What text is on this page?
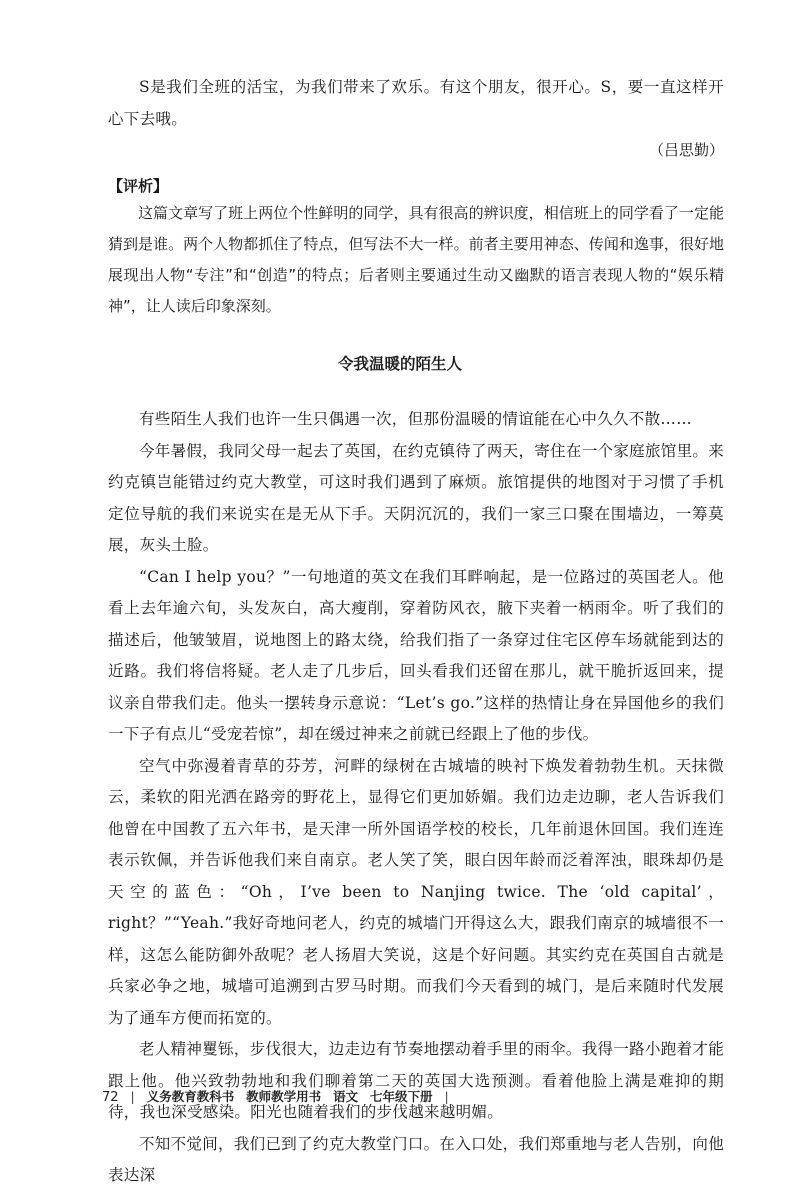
S是我们全班的活宝，为我们带来了欢乐。有这个朋友，很开心。S，要一直这样开心下去哦。

（吕思勤）
【评析】

这篇文章写了班上两位个性鲜明的同学，具有很高的辨识度，相信班上的同学看了一定能猜到是谁。两个人物都抓住了特点，但写法不大一样。前者主要用神态、传闻和逸事，很好地展现出人物“专注”和“创造”的特点；后者则主要通过生动又幽默的语言表现人物的“娱乐精神”，让人读后印象深刻。

令我温暖的陌生人

有些陌生人我们也许一生只偶遇一次，但那份温暖的情谊能在心中久久不散……

今年暑假，我同父母一起去了英国，在约克镇待了两天，寄住在一个家庭旅馆里。来约克镇岂能错过约克大教堂，可这时我们遇到了麻烦。旅馆提供的地图对于习惯了手机定位导航的我们来说实在是无从下手。天阴沉沉的，我们一家三口聚在围墙边，一筹莫展，灰头土脸。

“Can I help you？”一句地道的英文在我们耳畔响起，是一位路过的英国老人。他看上去年逾六旬，头发灰白，高大瘦削，穿着防风衣，腋下夹着一柄雨伞。听了我们的描述后，他皱皱眉，说地图上的路太绕，给我们指了一条穿过住宅区停车场就能到达的近路。我们将信将疑。老人走了几步后，回头看我们还留在那儿，就干脆折返回来，提议亲自带我们走。他头一摆转身示意说：“Let’s go.”这样的热情让身在异国他乡的我们一下子有点儿“受宠若惊”，却在缓过神来之前就已经跟上了他的步伐。

空气中弥漫着青草的芬芳，河畔的绿树在古城墙的映衬下焕发着勃勃生机。天抹微云，柔软的阳光洒在路旁的野花上，显得它们更加娇媚。我们边走边聊，老人告诉我们他曾在中国教了五六年书，是天津一所外国语学校的校长，几年前退休回国。我们连连表示钦佩，并告诉他我们来自南京。老人笑了笑，眼白因年龄而泛着浑浊，眼珠却仍是天空的蓝色：“Oh，I’ve been to Nanjing twice. The ‘old capital’，right？”“Yeah.”我好奇地问老人，约克的城墙门开得这么大，跟我们南京的城墙很不一样，这怎么能防御外敌呢？老人扬眉大笑说，这是个好问题。其实约克在英国自古就是兵家必争之地，城墙可追溯到古罗马时期。而我们今天看到的城门，是后来随时代发展为了通车方便而拓宽的。

老人精神矍铄，步伐很大，边走边有节奏地摆动着手里的雨伞。我得一路小跑着才能跟上他。他兴致勃勃地和我们聊着第二天的英国大选预测。看着他脸上满是难抑的期待，我也深受感染。阳光也随着我们的步伐越来越明媚。

不知不觉间，我们已到了约克大教堂门口。在入口处，我们郑重地与老人告别，向他表达深

72 | 义务教育教科书 教师教学用书 语文 七年级下册 |
